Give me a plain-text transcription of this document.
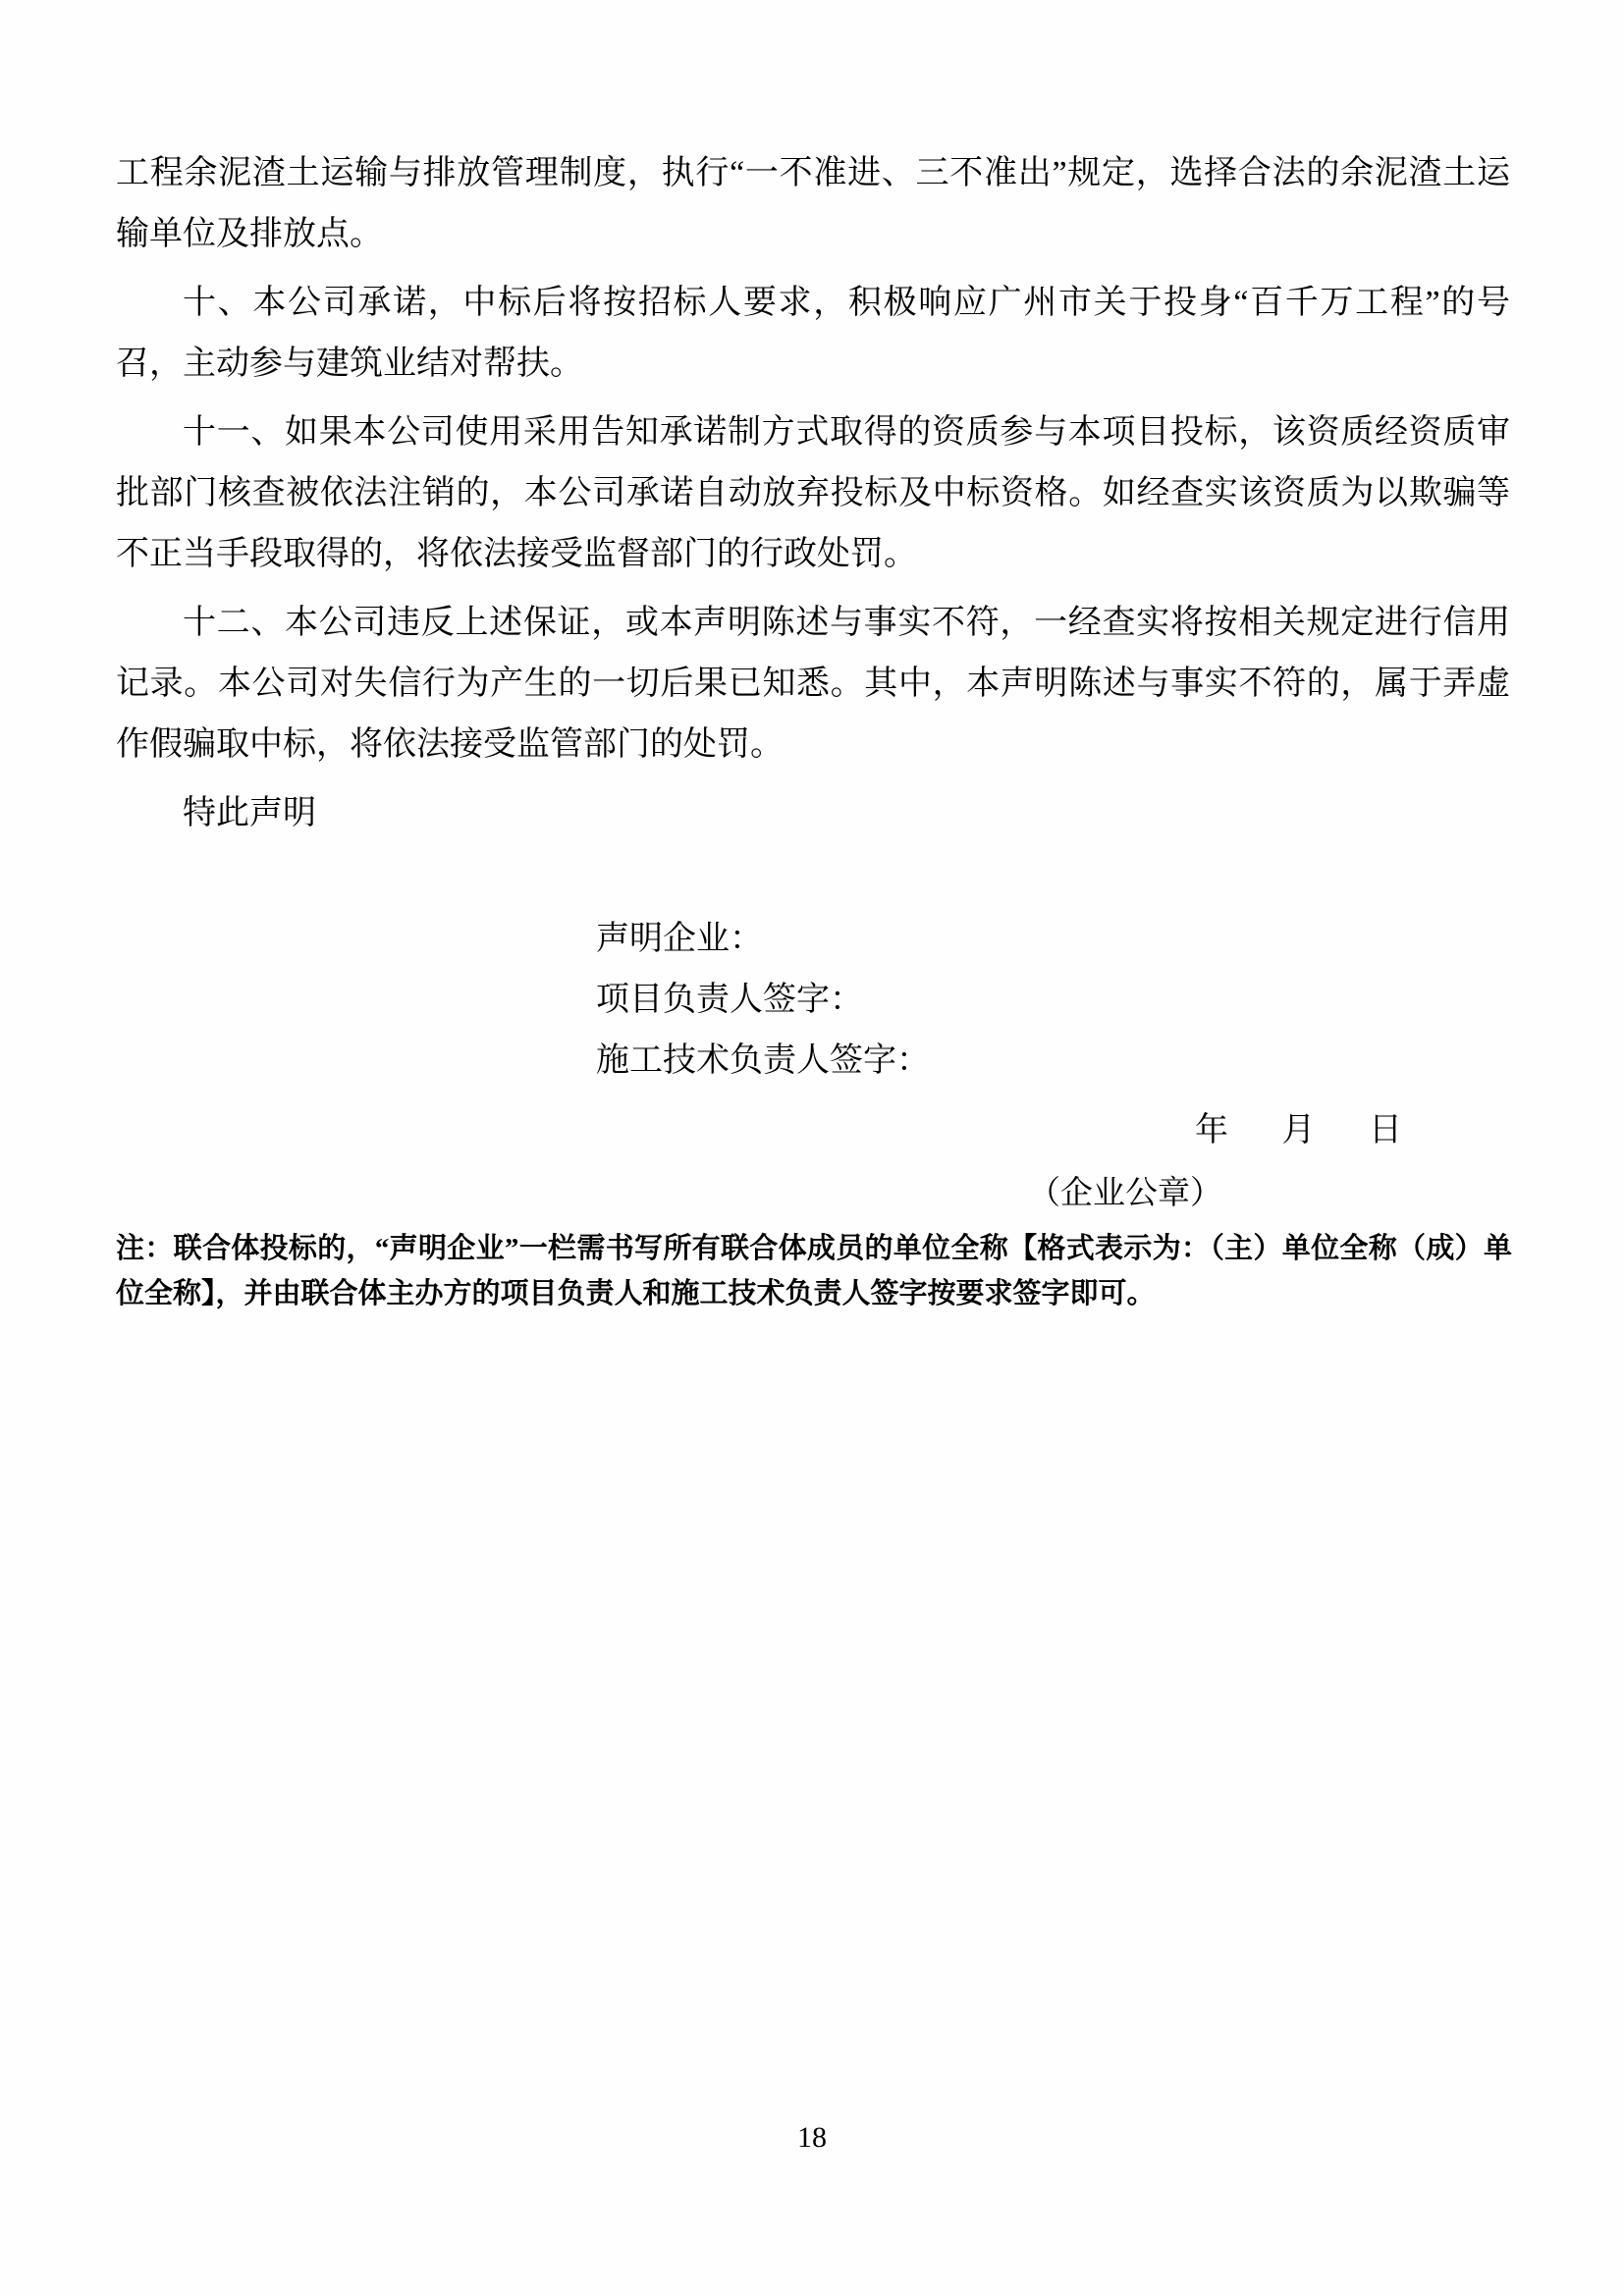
工程余泥渣土运输与排放管理制度，执行“一不准进、三不准出”规定，选择合法的余泥渣土运输单位及排放点。

十、本公司承诺，中标后将按招标人要求，积极响应广州市关于投身“百千万工程”的号召，主动参与建筑业结对帮扶。

十一、如果本公司使用采用告知承诺制方式取得的资质参与本项目投标，该资质经资质审批部门核查被依法注销的，本公司承诺自动放弃投标及中标资格。如经查实该资质为以欺骗等不正当手段取得的，将依法接受监督部门的行政处罚。

十二、本公司违反上述保证，或本声明陈述与事实不符，一经查实将按相关规定进行信用记录。本公司对失信行为产生的一切后果已知悉。其中，本声明陈述与事实不符的，属于弄虚作假骗取中标，将依法接受监管部门的处罚。

特此声明

声明企业：

项目负责人签字：

施工技术负责人签字：

年 月 日
（企业公章）
注：联合体投标的，“声明企业”一栏需书写所有联合体成员的单位全称【格式表示为：（主）单位全称（成）单位全称】，并由联合体主办方的项目负责人和施工技术负责人签字按要求签字即可。
18
